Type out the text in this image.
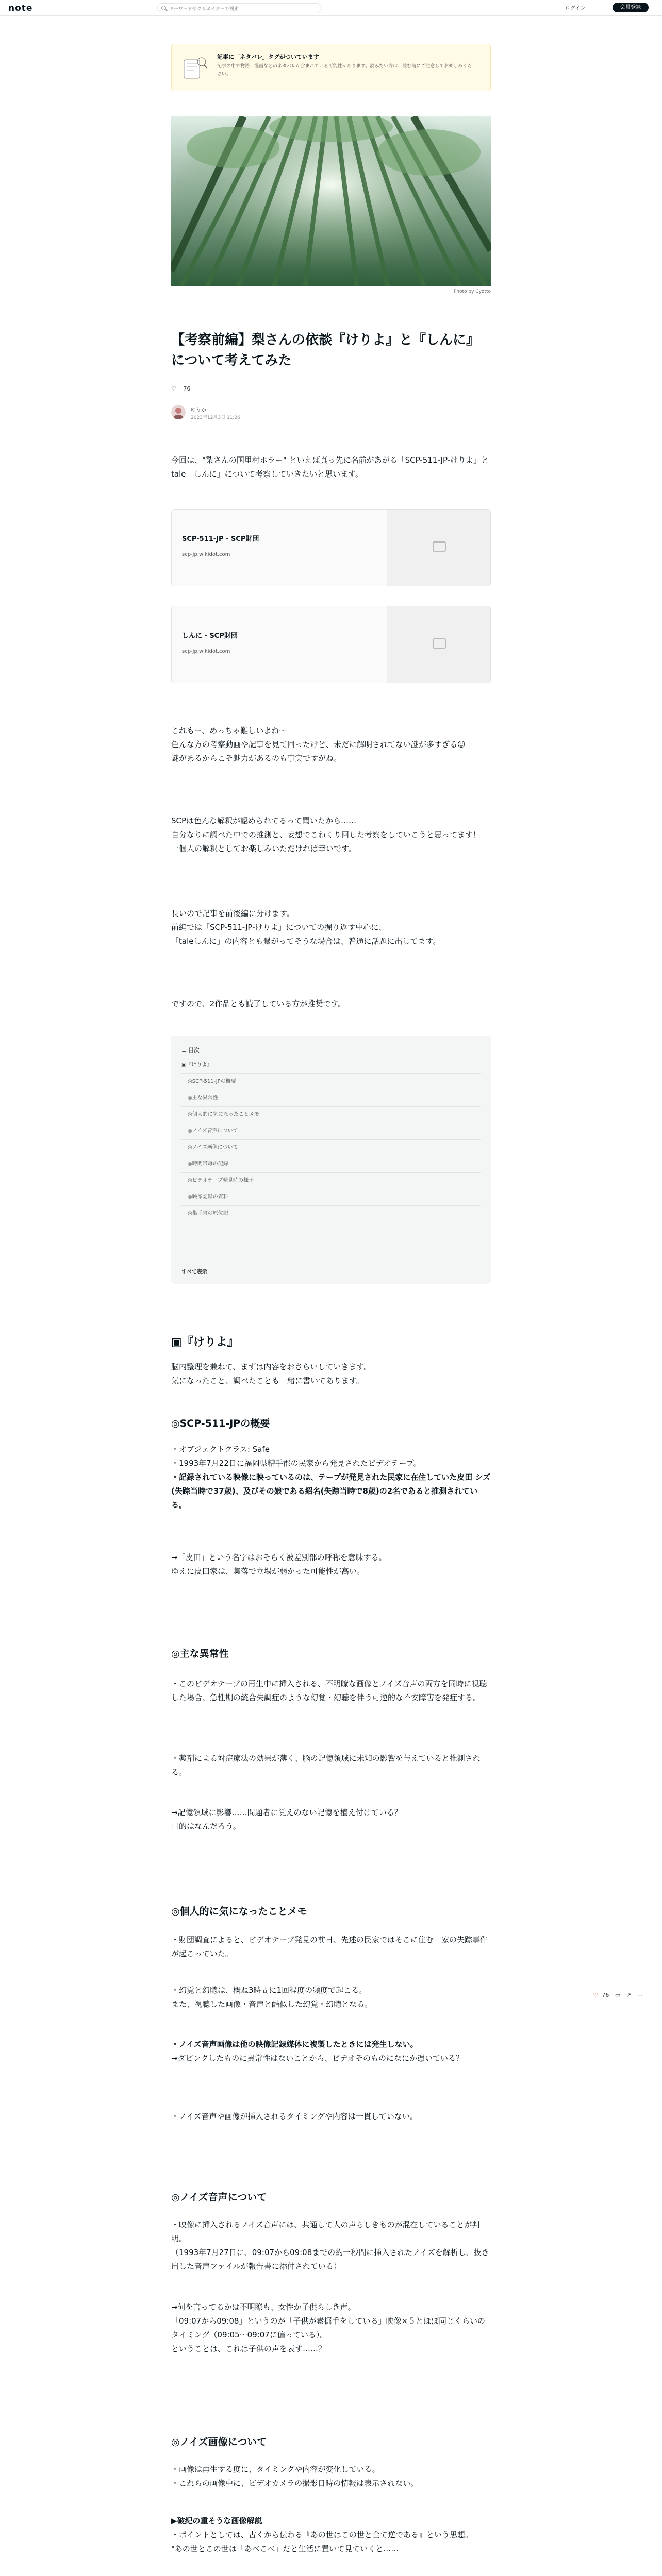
note	キーワードやクリエイターで検索	ログイン	会員登録
記事に「ネタバレ」タグがついています
記事の中で物語、漫画などのネタバレが含まれている可能性があります。読みたい方は、読む前にご注意してお楽しみください。
Photo by Cyotto
【考察前編】梨さんの依談『けりよ』と『しんに』について考えてみた
♡ 76
ゆうか
2023年12月3日 11:26

今回は、"梨さんの国里村ホラー" といえば真っ先に名前があがる「SCP-511-JP-けりよ」とtale「しんに」について考察していきたいと思います。

SCP-511-JP - SCP財団
scp-jp.wikidot.com
しんに - SCP財団
scp-jp.wikidot.com

これもー、めっちゃ難しいよね〜

色んな方の考察動画や記事を見て回ったけど、未だに解明されてない謎が多すぎる☺

謎があるからこそ魅力があるのも事実ですがね。

SCPは色んな解釈が認められてるって聞いたから……

自分なりに調べた中での推測と、妄想でこねくり回した考察をしていこうと思ってます！

一個人の解釈としてお楽しみいただければ幸いです。

長いので記事を前後編に分けます。

前編では「SCP-511-JP-けりよ」についての掘り返す中心に、

「taleしんに」の内容とも繋がってそうな場合は、普通に話題に出してます。

ですので、2作品とも読了している方が推奨です。

≡ 目次
▣『けりよ』
◎SCP-511-JPの概要
◎主な異常性
◎個人的に気になったことメモ
◎ノイズ音声について
◎ノイズ画像について
◎時間帯毎の記録
◎ビデオテープ発見時の様子
◎映像記録の資料
◎集手書の原位記
すべて表示
▣『けりよ』

脳内整理を兼ねて、まずは内容をおさらいしていきます。

気になったこと、調べたことも一緒に書いてあります。

◎SCP-511-JPの概要

・オブジェクトクラス: Safe

・1993年7月22日に福岡県糟手郡の民家から発見されたビデオテープ。

・記録されている映像に映っているのは、テープが発見された民家に在住していた皮田 シズ(失踪当時で37歳)、及びその娘である紹名(失踪当時で8歳)の2名であると推測されている。

→「皮田」という名字はおそらく被差別部の呼称を意味する。

ゆえに皮田家は、集落で立場が弱かった可能性が高い。

◎主な異常性

・このビデオテープの再生中に挿入される、不明瞭な画像とノイズ音声の両方を同時に視聴した場合、急性期の統合失調症のような幻覚・幻聴を伴う可逆的な不安障害を発症する。

・薬剤による対症療法の効果が薄く、脳の記憶領域に未知の影響を与えていると推測される。

→記憶領域に影響……間題者に覚えのない記憶を植え付けている？

目的はなんだろう。

◎個人的に気になったことメモ

・財団調査によると、ビデオテープ発見の前日、先述の民家ではそこに住む一家の失踪事件が起こっていた。

・幻覚と幻聴は、概ね3時間に1回程度の頻度で起こる。

また、視聴した画像・音声と酷似した幻覚・幻聴となる。

・ノイズ音声画像は他の映像記録媒体に複製したときには発生しない。

→ダビングしたものに異常性はないことから、ビデオそのものになにか憑いている？

・ノイズ音声や画像が挿入されるタイミングや内容は一貫していない。

◎ノイズ音声について

・映像に挿入されるノイズ音声には、共通して人の声らしきものが混在していることが判明。

（1993年7月27日に、09:07から09:08までの約一秒間に挿入されたノイズを解析し、抜き出した音声ファイルが報告書に添付されている）

→何を言ってるかは不明瞭も、女性か子供らしき声。

「09:07から09:08」というのが「子供が素掘手をしている」映像×５とほぼ同じくらいのタイミング（09:05〜09:07に偏っている）。

ということは、これは子供の声を表す……？

◎ノイズ画像について

・画像は再生する度に、タイミングや内容が変化している。

・これらの画像中に、ビデオカメラの撮影日時の情報は表示されない。

▶破紀の重そうな画像解説

・ポイントとしては、古くから伝わる『あの世はこの世と全て逆である』という思想。

"あの世とこの世は「あべこべ」だと生活に置いて見ていくと……

♡ 76 ▭ ↗ ⋯
